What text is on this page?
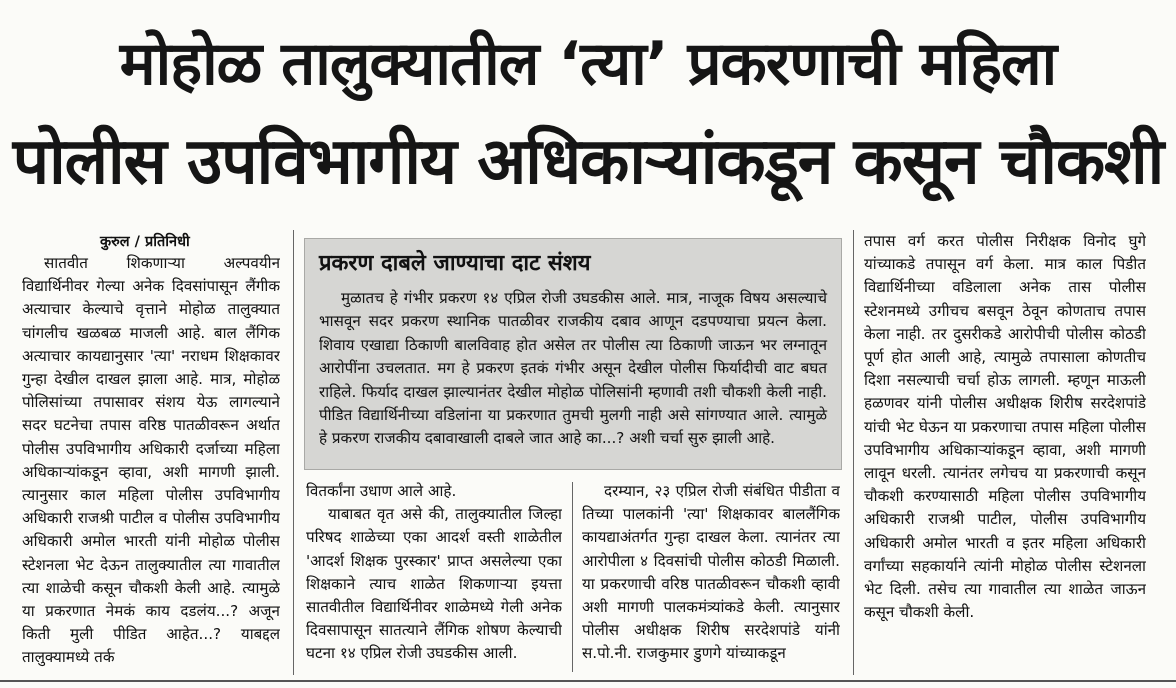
मोहोळ तालुक्यातील ‘त्या’ प्रकरणाची महिला
पोलीस उपविभागीय अधिकाऱ्यांकडून कसून चौकशी
कुरुल / प्रतिनिधी

सातवीत शिकणाऱ्या अल्पवयीन विद्यार्थिनीवर गेल्या अनेक दिवसांपासून लैंगीक अत्याचार केल्याचे वृत्ताने मोहोळ तालुक्यात चांगलीच खळबळ माजली आहे. बाल लैंगिक अत्याचार कायद्यानुसार 'त्या' नराधम शिक्षकावर गुन्हा देखील दाखल झाला आहे. मात्र, मोहोळ पोलिसांच्या तपासावर संशय येऊ लागल्याने सदर घटनेचा तपास वरिष्ठ पातळीवरून अर्थात पोलीस उपविभागीय अधिकारी दर्जाच्या महिला अधिकाऱ्यांकडून व्हावा, अशी मागणी झाली. त्यानुसार काल महिला पोलीस उपविभागीय अधिकारी राजश्री पाटील व पोलीस उपविभागीय अधिकारी अमोल भारती यांनी मोहोळ पोलीस स्टेशनला भेट देऊन तालुक्यातील त्या गावातील त्या शाळेची कसून चौकशी केली आहे. त्यामुळे या प्रकरणात नेमकं काय दडलंय...? अजून किती मुली पीडित आहेत...? याबद्दल तालुक्यामध्ये तर्क

प्रकरण दाबले जाण्याचा दाट संशय
मुळातच हे गंभीर प्रकरण १४ एप्रिल रोजी उघडकीस आले. मात्र, नाजूक विषय असल्याचे भासवून सदर प्रकरण स्थानिक पातळीवर राजकीय दबाव आणून दडपण्याचा प्रयत्न केला. शिवाय एखाद्या ठिकाणी बालविवाह होत असेल तर पोलीस त्या ठिकाणी जाऊन भर लग्नातून आरोपींना उचलतात. मग हे प्रकरण इतकं गंभीर असून देखील पोलीस फिर्यादीची वाट बघत राहिले. फिर्याद दाखल झाल्यानंतर देखील मोहोळ पोलिसांनी म्हणावी तशी चौकशी केली नाही. पीडित विद्यार्थिनीच्या वडिलांना या प्रकरणात तुमची मुलगी नाही असे सांगण्यात आले. त्यामुळे हे प्रकरण राजकीय दबावाखाली दाबले जात आहे का...? अशी चर्चा सुरु झाली आहे.

वितर्कांना उधाण आले आहे.

याबाबत वृत असे की, तालुक्यातील जिल्हा परिषद शाळेच्या एका आदर्श वस्ती शाळेतील 'आदर्श शिक्षक पुरस्कार' प्राप्त असलेल्या एका शिक्षकाने त्याच शाळेत शिकणाऱ्या इयत्ता सातवीतील विद्यार्थिनीवर शाळेमध्ये गेली अनेक दिवसापासून सातत्याने लैंगिक शोषण केल्याची घटना १४ एप्रिल रोजी उघडकीस आली.

दरम्यान, २३ एप्रिल रोजी संबंधित पीडीता व तिच्या पालकांनी 'त्या' शिक्षकावर बाललैंगिक कायद्याअंतर्गत गुन्हा दाखल केला. त्यानंतर त्या आरोपीला ४ दिवसांची पोलीस कोठडी मिळाली. या प्रकरणाची वरिष्ठ पातळीवरून चौकशी व्हावी अशी मागणी पालकमंत्र्यांकडे केली. त्यानुसार पोलीस अधीक्षक शिरीष सरदेशपांडे यांनी स.पो.नी. राजकुमार डुणगे यांच्याकडून

तपास वर्ग करत पोलीस निरीक्षक विनोद घुगे यांच्याकडे तपासून वर्ग केला. मात्र काल पिडीत विद्यार्थिनीच्या वडिलाला अनेक तास पोलीस स्टेशनमध्ये उगीचच बसवून ठेवून कोणताच तपास केला नाही. तर दुसरीकडे आरोपीची पोलीस कोठडी पूर्ण होत आली आहे, त्यामुळे तपासाला कोणतीच दिशा नसल्याची चर्चा होऊ लागली. म्हणून माऊली हळणवर यांनी पोलीस अधीक्षक शिरीष सरदेशपांडे यांची भेट घेऊन या प्रकरणाचा तपास महिला पोलीस उपविभागीय अधिकाऱ्यांकडून व्हावा, अशी मागणी लावून धरली. त्यानंतर लगेचच या प्रकरणाची कसून चौकशी करण्यासाठी महिला पोलीस उपविभागीय अधिकारी राजश्री पाटील, पोलीस उपविभागीय अधिकारी अमोल भारती व इतर महिला अधिकारी वर्गांच्या सहकार्याने त्यांनी मोहोळ पोलीस स्टेशनला भेट दिली. तसेच त्या गावातील त्या शाळेत जाऊन कसून चौकशी केली.
